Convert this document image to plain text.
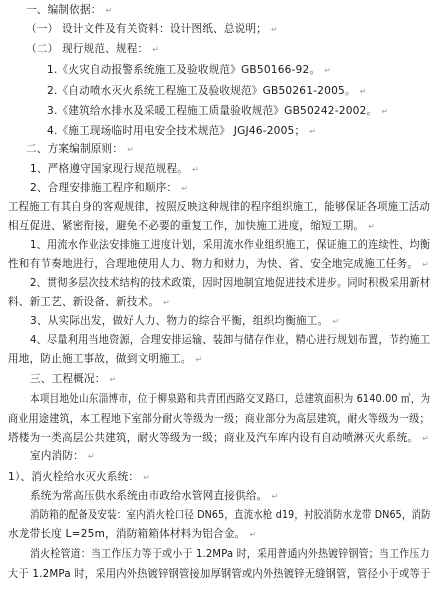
一、编制依据： ↵
（一） 设计文件及有关资料：设计图纸、总说明； ↵
（二） 现行规范、规程： ↵
1.《火灾自动报警系统施工及验收规范》GB50166-92。 ↵
2.《自动喷水灭火系统工程施工及验收规范》GB50261-2005。 ↵
3.《建筑给水排水及采暖工程施工质量验收规范》GB50242-2002。 ↵
4.《施工现场临时用电安全技术规范》 JGJ46-2005； ↵
二、方案编制原则： ↵
1、严格遵守国家现行规范规程。 ↵
2、合理安排施工程序和顺序： ↵
工程施工有其自身的客观规律，按照反映这种规律的程序组织施工，能够保证各项施工活动
相互促进、紧密衔接，避免不必要的重复工作，加快施工进度，缩短工期。 ↵
1、用流水作业法安排施工进度计划，采用流水作业组织施工，保证施工的连续性、均衡
性和有节奏地进行，合理地使用人力、物力和财力，为快、省、安全地完成施工任务。 ↵
2、贯彻多层次技术结构的技术政策，因时因地制宜地促进技术进步。同时积极采用新材
料、新工艺、新设备、新技术。 ↵
3、从实际出发，做好人力、物力的综合平衡，组织均衡施工。 ↵
4、尽量利用当地资源，合理安排运输、装卸与储存作业，精心进行规划布置，节约施工
用地，防止施工事故，做到文明施工。 ↵
三、工程概况： ↵
本项目地处山东淄博市，位于柳泉路和共青团西路交叉路口，总建筑面积为 6140.00 ㎡，为
商业用途建筑，本工程地下室部分耐火等级为一级；商业部分为高层建筑，耐火等级为一级；
塔楼为一类高层公共建筑，耐火等级为一级；商业及汽车库内设有自动喷淋灭火系统。 ↵
室内消防： ↵
1）、消火栓给水灭火系统： ↵
系统为常高压供水系统由市政给水管网直接供给。 ↵
消防箱的配备及安装：室内消火栓口径 DN65，直流水枪 d19，衬胶消防水龙带 DN65，消防
水龙带长度 L=25m，消防箱箱体材料为铝合金。 ↵
消火栓管道：当工作压力等于或小于 1.2MPa 时，采用普通内外热镀锌钢管；当工作压力
大于 1.2MPa 时，采用内外热镀锌钢管接加厚钢管或内外热镀锌无缝钢管，管径小于或等于
